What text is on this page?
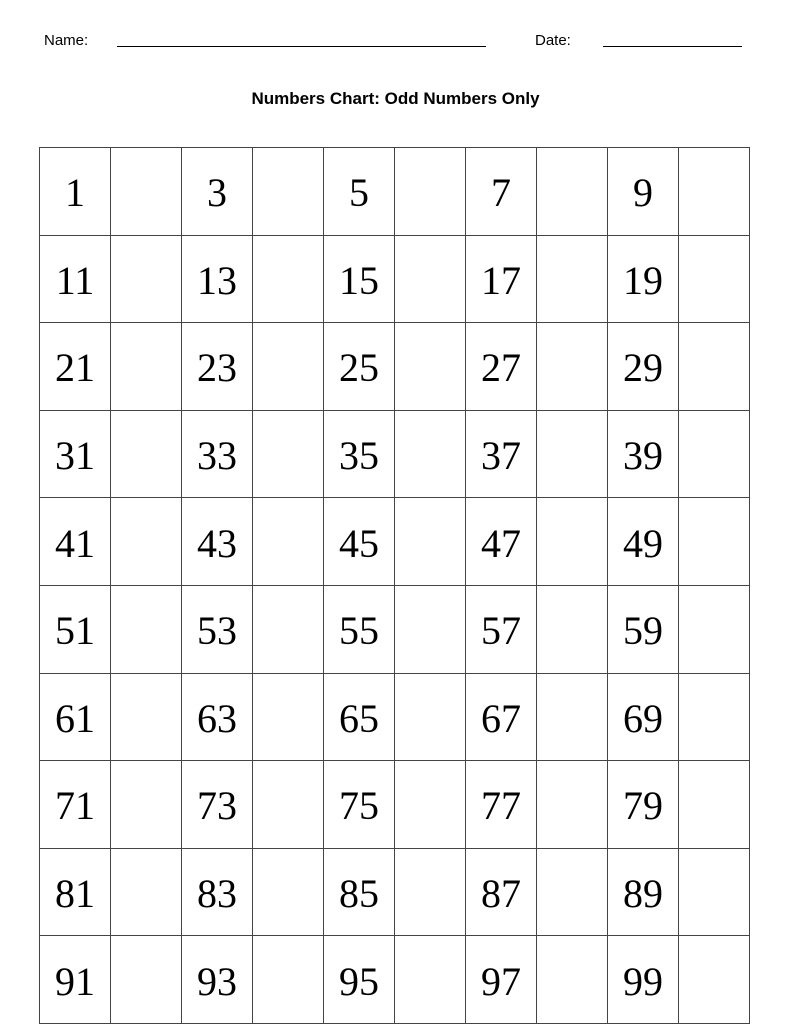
Name:	Date:
Numbers Chart: Odd Numbers Only
1		3		5		7		9	
11		13		15		17		19	
21		23		25		27		29	
31		33		35		37		39	
41		43		45		47		49	
51		53		55		57		59	
61		63		65		67		69	
71		73		75		77		79	
81		83		85		87		89	
91		93		95		97		99	
